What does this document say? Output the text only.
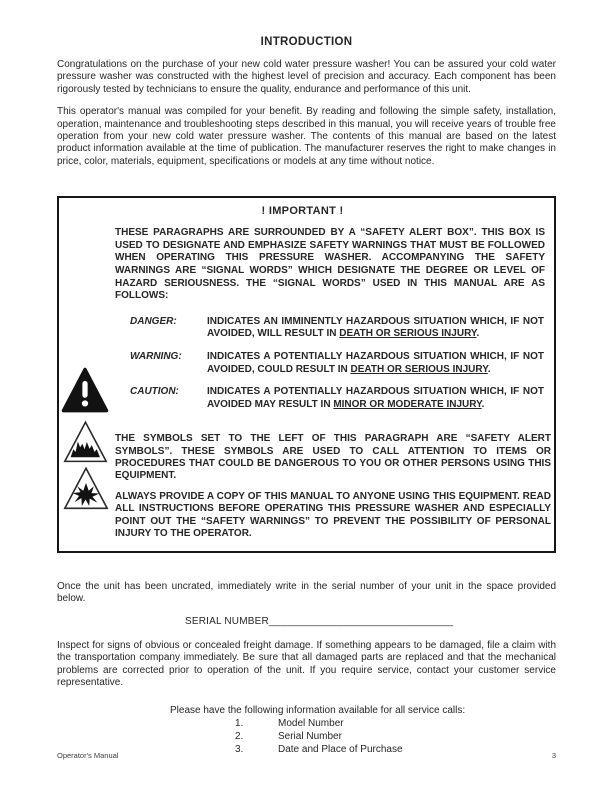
INTRODUCTION

Congratulations on the purchase of your new cold water pressure washer! You can be assured your cold water pressure washer was constructed with the highest level of precision and accuracy. Each component has been rigorously tested by technicians to ensure the quality, endurance and performance of this unit.

This operator's manual was compiled for your benefit. By reading and following the simple safety, installation, operation, maintenance and troubleshooting steps described in this manual, you will receive years of trouble free operation from your new cold water pressure washer. The contents of this manual are based on the latest product information available at the time of publication. The manufacturer reserves the right to make changes in price, color, materials, equipment, specifications or models at any time without notice.

! IMPORTANT !

THESE PARAGRAPHS ARE SURROUNDED BY A “SAFETY ALERT BOX”. THIS BOX IS USED TO DESIGNATE AND EMPHASIZE SAFETY WARNINGS THAT MUST BE FOLLOWED WHEN OPERATING THIS PRESSURE WASHER. ACCOMPANYING THE SAFETY WARNINGS ARE “SIGNAL WORDS” WHICH DESIGNATE THE DEGREE OR LEVEL OF HAZARD SERIOUSNESS. THE “SIGNAL WORDS” USED IN THIS MANUAL ARE AS FOLLOWS:

DANGER:	INDICATES AN IMMINENTLY HAZARDOUS SITUATION WHICH, IF NOT AVOIDED, WILL RESULT IN DEATH OR SERIOUS INJURY.

WARNING:	INDICATES A POTENTIALLY HAZARDOUS SITUATION WHICH, IF NOT AVOIDED, COULD RESULT IN DEATH OR SERIOUS INJURY.

CAUTION:	INDICATES A POTENTIALLY HAZARDOUS SITUATION WHICH, IF NOT AVOIDED MAY RESULT IN MINOR OR MODERATE INJURY.

THE SYMBOLS SET TO THE LEFT OF THIS PARAGRAPH ARE “SAFETY ALERT SYMBOLS”. THESE SYMBOLS ARE USED TO CALL ATTENTION TO ITEMS OR PROCEDURES THAT COULD BE DANGEROUS TO YOU OR OTHER PERSONS USING THIS EQUIPMENT.

ALWAYS PROVIDE A COPY OF THIS MANUAL TO ANYONE USING THIS EQUIPMENT. READ ALL INSTRUCTIONS BEFORE OPERATING THIS PRESSURE WASHER AND ESPECIALLY POINT OUT THE “SAFETY WARNINGS” TO PREVENT THE POSSIBILITY OF PERSONAL INJURY TO THE OPERATOR.

Once the unit has been uncrated, immediately write in the serial number of your unit in the space provided below.

SERIAL NUMBER________________________________

Inspect for signs of obvious or concealed freight damage. If something appears to be damaged, file a claim with the transportation company immediately. Be sure that all damaged parts are replaced and that the mechanical problems are corrected prior to operation of the unit. If you require service, contact your customer service representative.

Please have the following information available for all service calls:
1.	Model Number
2.	Serial Number
3.	Date and Place of Purchase
Operator's Manual	3
